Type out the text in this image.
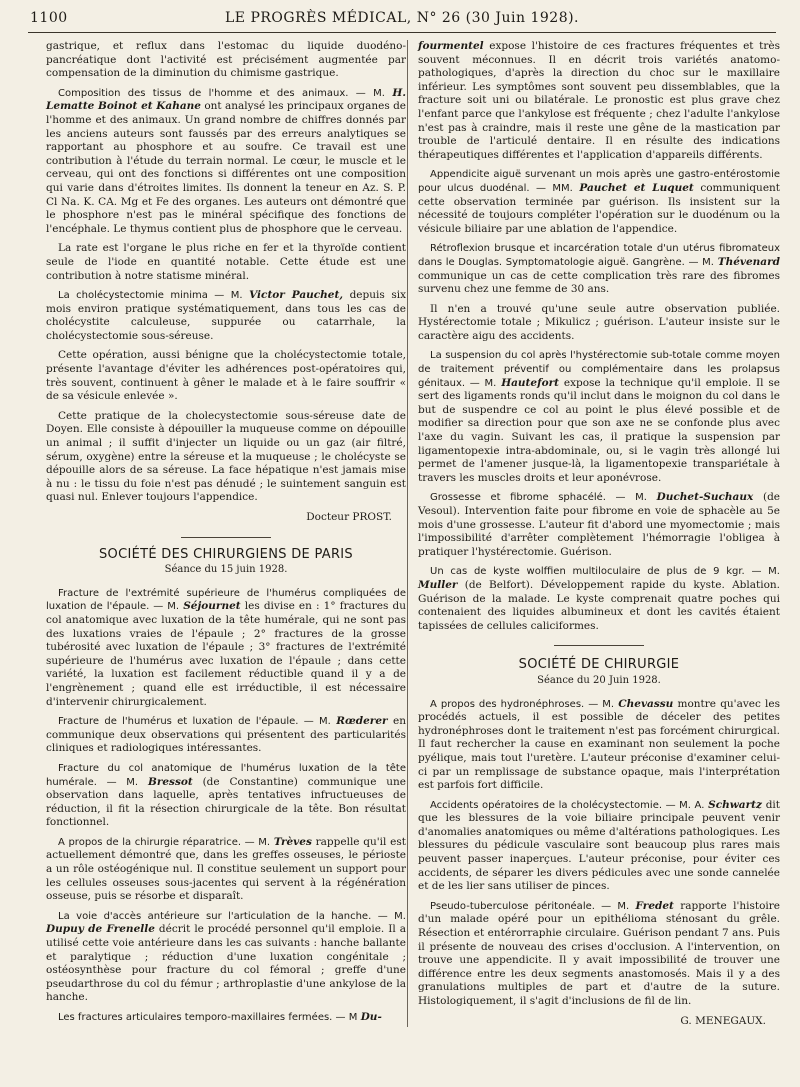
1100	LE PROGRÈS MÉDICAL, N° 26 (30 Juin 1928).

gastrique, et reflux dans l'estomac du liquide duodéno-pancréatique dont l'activité est précisément augmentée par compensation de la diminution du chimisme gastrique.

Composition des tissus de l'homme et des animaux. — M. H. Lematte Boinot et Kahane ont analysé les principaux organes de l'homme et des animaux. Un grand nombre de chiffres donnés par les anciens auteurs sont faussés par des erreurs analytiques se rapportant au phosphore et au soufre. Ce travail est une contribution à l'étude du terrain normal. Le cœur, le muscle et le cerveau, qui ont des fonctions si différentes ont une composition qui varie dans d'étroites limites. Ils donnent la teneur en Az. S. P. Cl Na. K. CA. Mg et Fe des organes. Les auteurs ont démontré que le phosphore n'est pas le minéral spécifique des fonctions de l'encéphale. Le thymus contient plus de phosphore que le cerveau.

La rate est l'organe le plus riche en fer et la thyroïde contient seule de l'iode en quantité notable. Cette étude est une contribution à notre statisme minéral.

La cholécystectomie minima — M. Victor Pauchet, depuis six mois environ pratique systématiquement, dans tous les cas de cholécystite calculeuse, suppurée ou catarrhale, la cholécystectomie sous-séreuse.

Cette opération, aussi bénigne que la cholécystectomie totale, présente l'avantage d'éviter les adhérences post-opératoires qui, très souvent, continuent à gêner le malade et à le faire souffrir « de sa vésicule enlevée ».

Cette pratique de la cholecystectomie sous-séreuse date de Doyen. Elle consiste à dépouiller la muqueuse comme on dépouille un animal ; il suffit d'injecter un liquide ou un gaz (air filtré, sérum, oxygène) entre la séreuse et la muqueuse ; le cholécyste se dépouille alors de sa séreuse. La face hépatique n'est jamais mise à nu : le tissu du foie n'est pas dénudé ; le suintement sanguin est quasi nul. Enlever toujours l'appendice.

Docteur PROST.

SOCIÉTÉ DES CHIRURGIENS DE PARIS
Séance du 15 juin 1928.

Fracture de l'extrémité supérieure de l'humérus compliquées de luxation de l'épaule. — M. Séjournet les divise en : 1° fractures du col anatomique avec luxation de la tête humérale, qui ne sont pas des luxations vraies de l'épaule ; 2° fractures de la grosse tubérosité avec luxation de l'épaule ; 3° fractures de l'extrémité supérieure de l'humérus avec luxation de l'épaule ; dans cette variété, la luxation est facilement réductible quand il y a de l'engrènement ; quand elle est irréductible, il est nécessaire d'intervenir chirurgicalement.

Fracture de l'humérus et luxation de l'épaule. — M. Rœderer en communique deux observations qui présentent des particularités cliniques et radiologiques intéressantes.

Fracture du col anatomique de l'humérus luxation de la tête humérale. — M. Bressot (de Constantine) communique une observation dans laquelle, après tentatives infructueuses de réduction, il fit la résection chirurgicale de la tête. Bon résultat fonctionnel.

A propos de la chirurgie réparatrice. — M. Trèves rappelle qu'il est actuellement démontré que, dans les greffes osseuses, le périoste a un rôle ostéogénique nul. Il constitue seulement un support pour les cellules osseuses sous-jacentes qui servent à la régénération osseuse, puis se résorbe et disparaît.

La voie d'accès antérieure sur l'articulation de la hanche. — M. Dupuy de Frenelle décrit le procédé personnel qu'il emploie. Il a utilisé cette voie antérieure dans les cas suivants : hanche ballante et paralytique ; réduction d'une luxation congénitale ; ostéosynthèse pour fracture du col fémoral ; greffe d'une pseudarthrose du col du fémur ; arthroplastie d'une ankylose de la hanche.

Les fractures articulaires temporo-maxillaires fermées. — M Du-

fourmentel expose l'histoire de ces fractures fréquentes et très souvent méconnues. Il en décrit trois variétés anatomo-pathologiques, d'après la direction du choc sur le maxillaire inférieur. Les symptômes sont souvent peu dissemblables, que la fracture soit uni ou bilatérale. Le pronostic est plus grave chez l'enfant parce que l'ankylose est fréquente ; chez l'adulte l'ankylose n'est pas à craindre, mais il reste une gêne de la mastication par trouble de l'articulé dentaire. Il en résulte des indications thérapeutiques différentes et l'application d'appareils différents.

Appendicite aiguë survenant un mois après une gastro-entérostomie pour ulcus duodénal. — MM. Pauchet et Luquet communiquent cette observation terminée par guérison. Ils insistent sur la nécessité de toujours compléter l'opération sur le duodénum ou la vésicule biliaire par une ablation de l'appendice.

Rétroflexion brusque et incarcération totale d'un utérus fibromateux dans le Douglas. Symptomatologie aiguë. Gangrène. — M. Thévenard communique un cas de cette complication très rare des fibromes survenu chez une femme de 30 ans.

Il n'en a trouvé qu'une seule autre observation publiée. Hystérectomie totale ; Mikulicz ; guérison. L'auteur insiste sur le caractère aigu des accidents.

La suspension du col après l'hystérectomie sub-totale comme moyen de traitement préventif ou complémentaire dans les prolapsus génitaux. — M. Hautefort expose la technique qu'il emploie. Il se sert des ligaments ronds qu'il inclut dans le moignon du col dans le but de suspendre ce col au point le plus élevé possible et de modifier sa direction pour que son axe ne se confonde plus avec l'axe du vagin. Suivant les cas, il pratique la suspension par ligamentopexie intra-abdominale, ou, si le vagin très allongé lui permet de l'amener jusque-là, la ligamentopexie transpariétale à travers les muscles droits et leur aponévrose.

Grossesse et fibrome sphacélé. — M. Duchet-Suchaux (de Vesoul). Intervention faite pour fibrome en voie de sphacèle au 5e mois d'une grossesse. L'auteur fit d'abord une myomectomie ; mais l'impossibilité d'arrêter complètement l'hémorragie l'obligea à pratiquer l'hystérectomie. Guérison.

Un cas de kyste wolffien multiloculaire de plus de 9 kgr. — M. Muller (de Belfort). Développement rapide du kyste. Ablation. Guérison de la malade. Le kyste comprenait quatre poches qui contenaient des liquides albumineux et dont les cavités étaient tapissées de cellules caliciformes.

SOCIÉTÉ DE CHIRURGIE
Séance du 20 Juin 1928.

A propos des hydronéphroses. — M. Chevassu montre qu'avec les procédés actuels, il est possible de déceler des petites hydronéphroses dont le traitement n'est pas forcément chirurgical. Il faut rechercher la cause en examinant non seulement la poche pyélique, mais tout l'uretère. L'auteur préconise d'examiner celui-ci par un remplissage de substance opaque, mais l'interprétation est parfois fort difficile.

Accidents opératoires de la cholécystectomie. — M. A. Schwartz dit que les blessures de la voie biliaire principale peuvent venir d'anomalies anatomiques ou même d'altérations pathologiques. Les blessures du pédicule vasculaire sont beaucoup plus rares mais peuvent passer inaperçues. L'auteur préconise, pour éviter ces accidents, de séparer les divers pédicules avec une sonde cannelée et de les lier sans utiliser de pinces.

Pseudo-tuberculose péritonéale. — M. Fredet rapporte l'histoire d'un malade opéré pour un epithélioma sténosant du grêle. Résection et entérorraphie circulaire. Guérison pendant 7 ans. Puis il présente de nouveau des crises d'occlusion. A l'intervention, on trouve une appendicite. Il y avait impossibilité de trouver une différence entre les deux segments anastomosés. Mais il y a des granulations multiples de part et d'autre de la suture. Histologiquement, il s'agit d'inclusions de fil de lin.

G. MENEGAUX.
